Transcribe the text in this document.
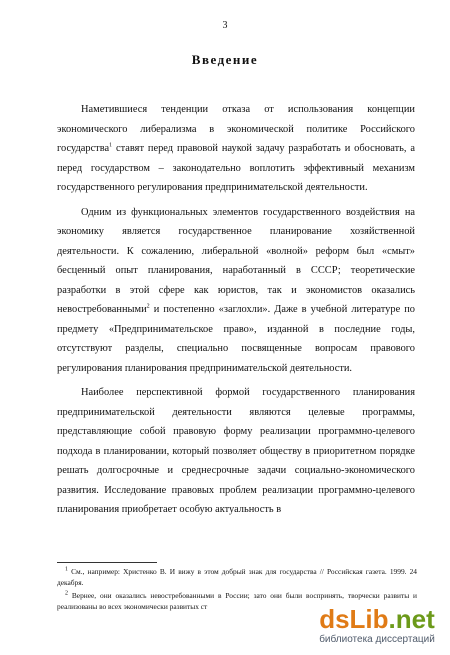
3
Введение

Наметившиеся тенденции отказа от использования концепции экономического либерализма в экономической политике Российского государства$^1$ ставят перед правовой наукой задачу разработать и обосновать, а перед государством – законодательно воплотить эффективный механизм государственного регулирования предпринимательской деятельности.

Одним из функциональных элементов государственного воздействия на экономику является государственное планирование хозяйственной деятельности. К сожалению, либеральной «волной» реформ был «смыт» бесценный опыт планирования, наработанный в СССР; теоретические разработки в этой сфере как юристов, так и экономистов оказались невостребованными$^2$ и постепенно «заглохли». Даже в учебной литературе по предмету «Предпринимательское право», изданной в последние годы, отсутствуют разделы, специально посвященные вопросам правового регулирования планирования предпринимательской деятельности.

Наиболее перспективной формой государственного планирования предпринимательской деятельности являются целевые программы, представляющие собой правовую форму реализации программно-целевого подхода в планировании, который позволяет обществу в приоритетном порядке решать долгосрочные и среднесрочные задачи социально-экономического развития. Исследование правовых проблем реализации программно-целевого планирования приобретает особую актуальность в

$^1$ См., например: Христенко В. И вижу в этом добрый знак для государства // Российская газета. 1999. 24 декабря.

$^2$ Вернее, они оказались невостребованными в России; зато они были воспринять, творчески развиты и реализованы во всех экономически развитых ст	dsLib.net
библиотека диссертаций
